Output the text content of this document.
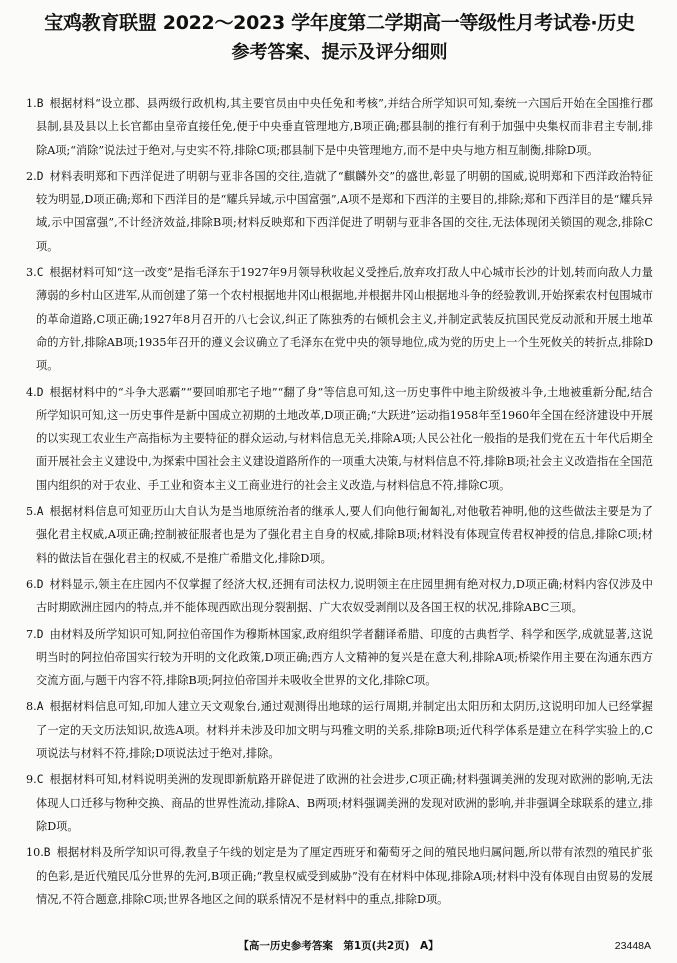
宝鸡教育联盟 2022～2023 学年度第二学期高一等级性月考试卷·历史
参考答案、提示及评分细则
1.B 根据材料“设立郡、县两级行政机构,其主要官员由中央任免和考核”,并结合所学知识可知,秦统一六国后开始在全国推行郡县制,县及县以上长官都由皇帝直接任免,便于中央垂直管理地方,B项正确;郡县制的推行有利于加强中央集权而非君主专制,排除A项;“消除”说法过于绝对,与史实不符,排除C项;郡县制下是中央管理地方,而不是中央与地方相互制衡,排除D项。
2.D 材料表明郑和下西洋促进了明朝与亚非各国的交往,造就了“麒麟外交”的盛世,彰显了明朝的国威,说明郑和下西洋政治特征较为明显,D项正确;郑和下西洋目的是“耀兵异域,示中国富强”,A项不是郑和下西洋的主要目的,排除;郑和下西洋目的是“耀兵异域,示中国富强”,不计经济效益,排除B项;材料反映郑和下西洋促进了明朝与亚非各国的交往,无法体现闭关锁国的观念,排除C项。
3.C 根据材料可知“这一改变”是指毛泽东于1927年9月领导秋收起义受挫后,放弃攻打敌人中心城市长沙的计划,转而向敌人力量薄弱的乡村山区进军,从而创建了第一个农村根据地井冈山根据地,并根据井冈山根据地斗争的经验教训,开始探索农村包围城市的革命道路,C项正确;1927年8月召开的八七会议,纠正了陈独秀的右倾机会主义,并制定武装反抗国民党反动派和开展土地革命的方针,排除AB项;1935年召开的遵义会议确立了毛泽东在党中央的领导地位,成为党的历史上一个生死攸关的转折点,排除D项。
4.D 根据材料中的“斗争大恶霸”“要回咱那宅子地”“翻了身”等信息可知,这一历史事件中地主阶级被斗争,土地被重新分配,结合所学知识可知,这一历史事件是新中国成立初期的土地改革,D项正确;“大跃进”运动指1958年至1960年全国在经济建设中开展的以实现工农业生产高指标为主要特征的群众运动,与材料信息无关,排除A项;人民公社化一般指的是我们党在五十年代后期全面开展社会主义建设中,为探索中国社会主义建设道路所作的一项重大决策,与材料信息不符,排除B项;社会主义改造指在全国范围内组织的对于农业、手工业和资本主义工商业进行的社会主义改造,与材料信息不符,排除C项。
5.A 根据材料信息可知亚历山大自认为是当地原统治者的继承人,要人们向他行匍匐礼,对他敬若神明,他的这些做法主要是为了强化君主权威,A项正确;控制被征服者也是为了强化君主自身的权威,排除B项;材料没有体现宣传君权神授的信息,排除C项;材料的做法旨在强化君主的权威,不是推广希腊文化,排除D项。
6.D 材料显示,领主在庄园内不仅掌握了经济大权,还拥有司法权力,说明领主在庄园里拥有绝对权力,D项正确;材料内容仅涉及中古时期欧洲庄园内的特点,并不能体现西欧出现分裂割据、广大农奴受剥削以及各国王权的状况,排除ABC三项。
7.D 由材料及所学知识可知,阿拉伯帝国作为穆斯林国家,政府组织学者翻译希腊、印度的古典哲学、科学和医学,成就显著,这说明当时的阿拉伯帝国实行较为开明的文化政策,D项正确;西方人文精神的复兴是在意大利,排除A项;桥梁作用主要在沟通东西方交流方面,与题干内容不符,排除B项;阿拉伯帝国并未吸收全世界的文化,排除C项。
8.A 根据材料信息可知,印加人建立天文观象台,通过观测得出地球的运行周期,并制定出太阳历和太阴历,这说明印加人已经掌握了一定的天文历法知识,故选A项。材料并未涉及印加文明与玛雅文明的关系,排除B项;近代科学体系是建立在科学实验上的,C项说法与材料不符,排除;D项说法过于绝对,排除。
9.C 根据材料可知,材料说明美洲的发现即新航路开辟促进了欧洲的社会进步,C项正确;材料强调美洲的发现对欧洲的影响,无法体现人口迁移与物种交换、商品的世界性流动,排除A、B两项;材料强调美洲的发现对欧洲的影响,并非强调全球联系的建立,排除D项。
10.B 根据材料及所学知识可得,教皇子午线的划定是为了厘定西班牙和葡萄牙之间的殖民地归属问题,所以带有浓烈的殖民扩张的色彩,是近代殖民瓜分世界的先河,B项正确;“教皇权威受到威胁”没有在材料中体现,排除A项;材料中没有体现自由贸易的发展情况,不符合题意,排除C项;世界各地区之间的联系情况不是材料中的重点,排除D项。
【高一历史参考答案　第1页(共2页)　A】	23448A
